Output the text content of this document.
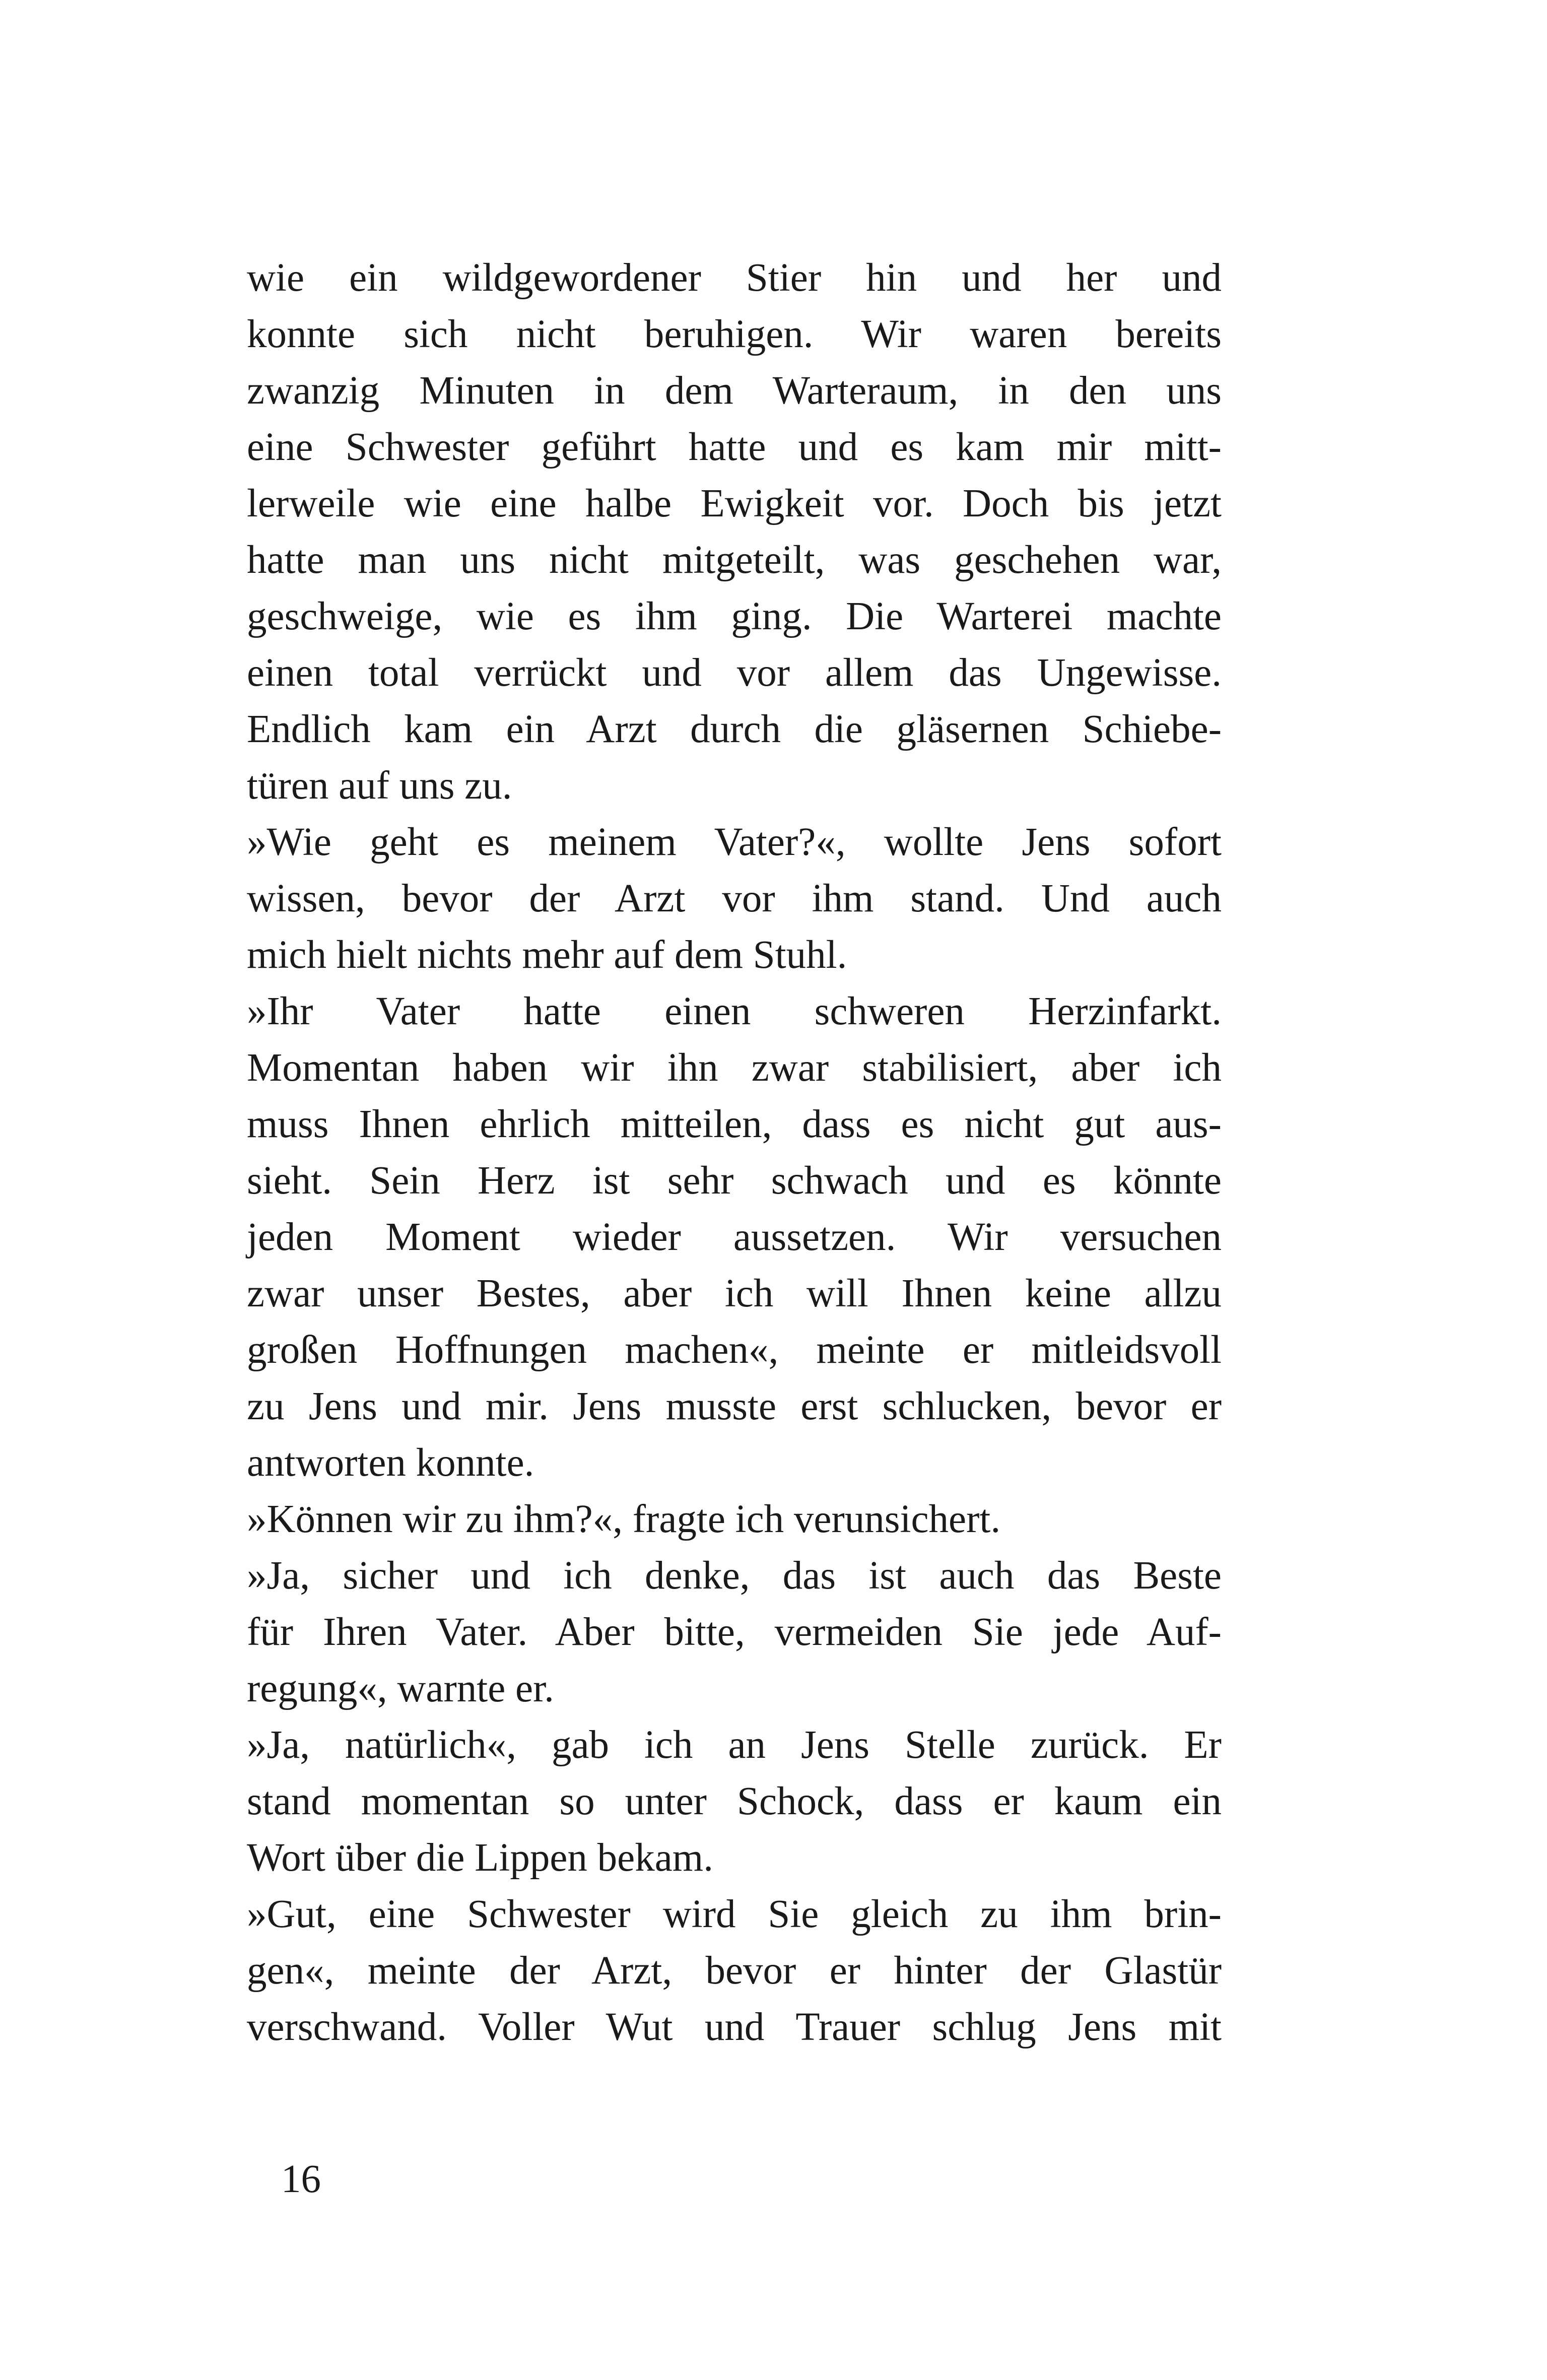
wie ein wildgewordener Stier hin und her und
konnte sich nicht beruhigen. Wir waren bereits
zwanzig Minuten in dem Warteraum, in den uns
eine Schwester geführt hatte und es kam mir mitt-
lerweile wie eine halbe Ewigkeit vor. Doch bis jetzt
hatte man uns nicht mitgeteilt, was geschehen war,
geschweige, wie es ihm ging. Die Warterei machte
einen total verrückt und vor allem das Ungewisse.
Endlich kam ein Arzt durch die gläsernen Schiebe-
türen auf uns zu.
»Wie geht es meinem Vater?«, wollte Jens sofort
wissen, bevor der Arzt vor ihm stand. Und auch
mich hielt nichts mehr auf dem Stuhl.
»Ihr Vater hatte einen schweren Herzinfarkt.
Momentan haben wir ihn zwar stabilisiert, aber ich
muss Ihnen ehrlich mitteilen, dass es nicht gut aus-
sieht. Sein Herz ist sehr schwach und es könnte
jeden Moment wieder aussetzen. Wir versuchen
zwar unser Bestes, aber ich will Ihnen keine allzu
großen Hoffnungen machen«, meinte er mitleidsvoll
zu Jens und mir. Jens musste erst schlucken, bevor er
antworten konnte.
»Können wir zu ihm?«, fragte ich verunsichert.
»Ja, sicher und ich denke, das ist auch das Beste
für Ihren Vater. Aber bitte, vermeiden Sie jede Auf-
regung«, warnte er.
»Ja, natürlich«, gab ich an Jens Stelle zurück. Er
stand momentan so unter Schock, dass er kaum ein
Wort über die Lippen bekam.
»Gut, eine Schwester wird Sie gleich zu ihm brin-
gen«, meinte der Arzt, bevor er hinter der Glastür
verschwand. Voller Wut und Trauer schlug Jens mit
16
